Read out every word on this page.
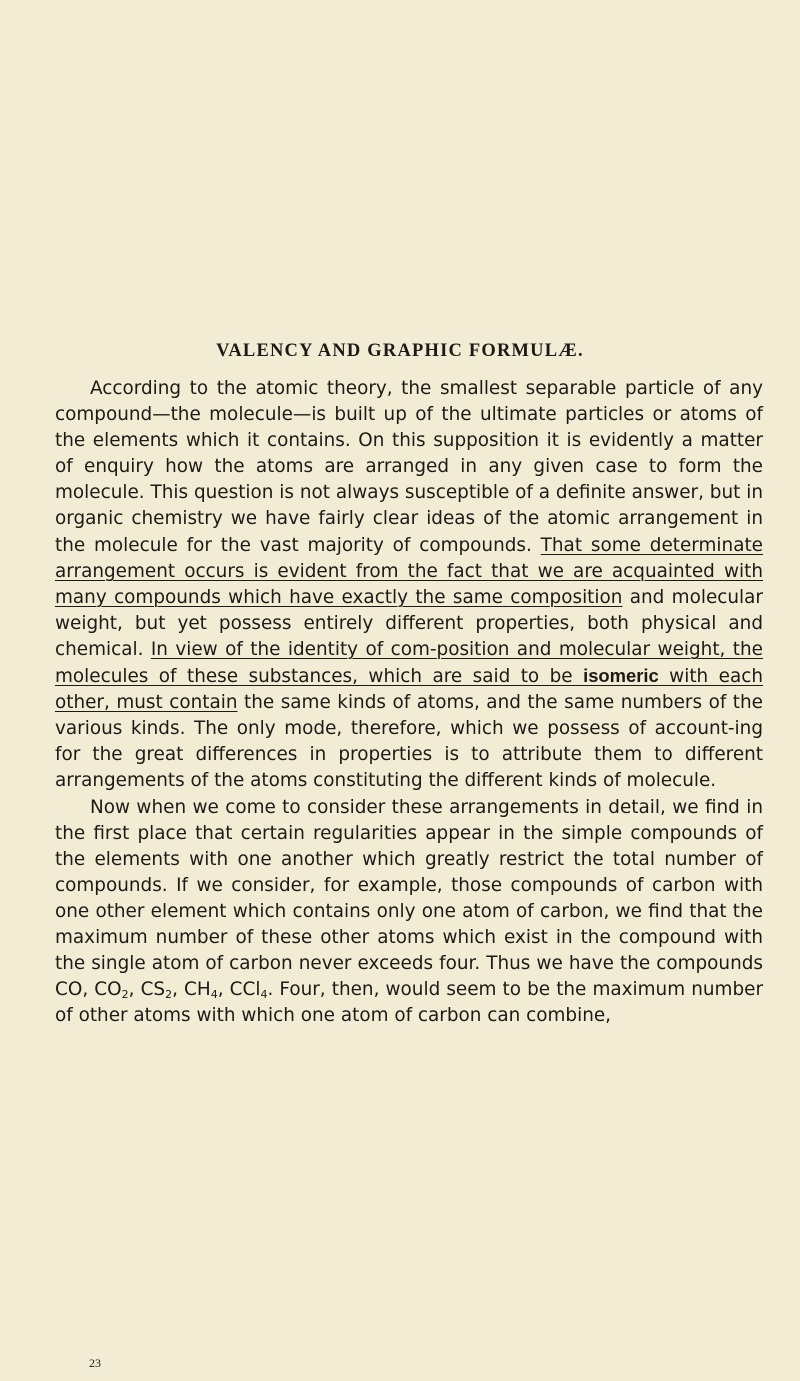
VALENCY AND GRAPHIC FORMULÆ.

According to the atomic theory, the smallest separable particle of any compound—the molecule—is built up of the ultimate particles or atoms of the elements which it contains. On this supposition it is evidently a matter of enquiry how the atoms are arranged in any given case to form the molecule. This question is not always susceptible of a definite answer, but in organic chemistry we have fairly clear ideas of the atomic arrangement in the molecule for the vast majority of compounds. That some determinate arrangement occurs is evident from the fact that we are acquainted with many compounds which have exactly the same composition and molecular weight, but yet possess entirely different properties, both physical and chemical. In view of the identity of com-position and molecular weight, the molecules of these substances, which are said to be isomeric with each other, must contain the same kinds of atoms, and the same numbers of the various kinds. The only mode, therefore, which we possess of account-ing for the great differences in properties is to attribute them to different arrangements of the atoms constituting the different kinds of molecule.

Now when we come to consider these arrangements in detail, we find in the first place that certain regularities appear in the simple compounds of the elements with one another which greatly restrict the total number of compounds. If we consider, for example, those compounds of carbon with one other element which contains only one atom of carbon, we find that the maximum number of these other atoms which exist in the compound with the single atom of carbon never exceeds four. Thus we have the compounds CO, $CO_2$, $CS_2$, $CH_4$, CCl$_4$. Four, then, would seem to be the maximum number of other atoms with which one atom of carbon can combine,

23
